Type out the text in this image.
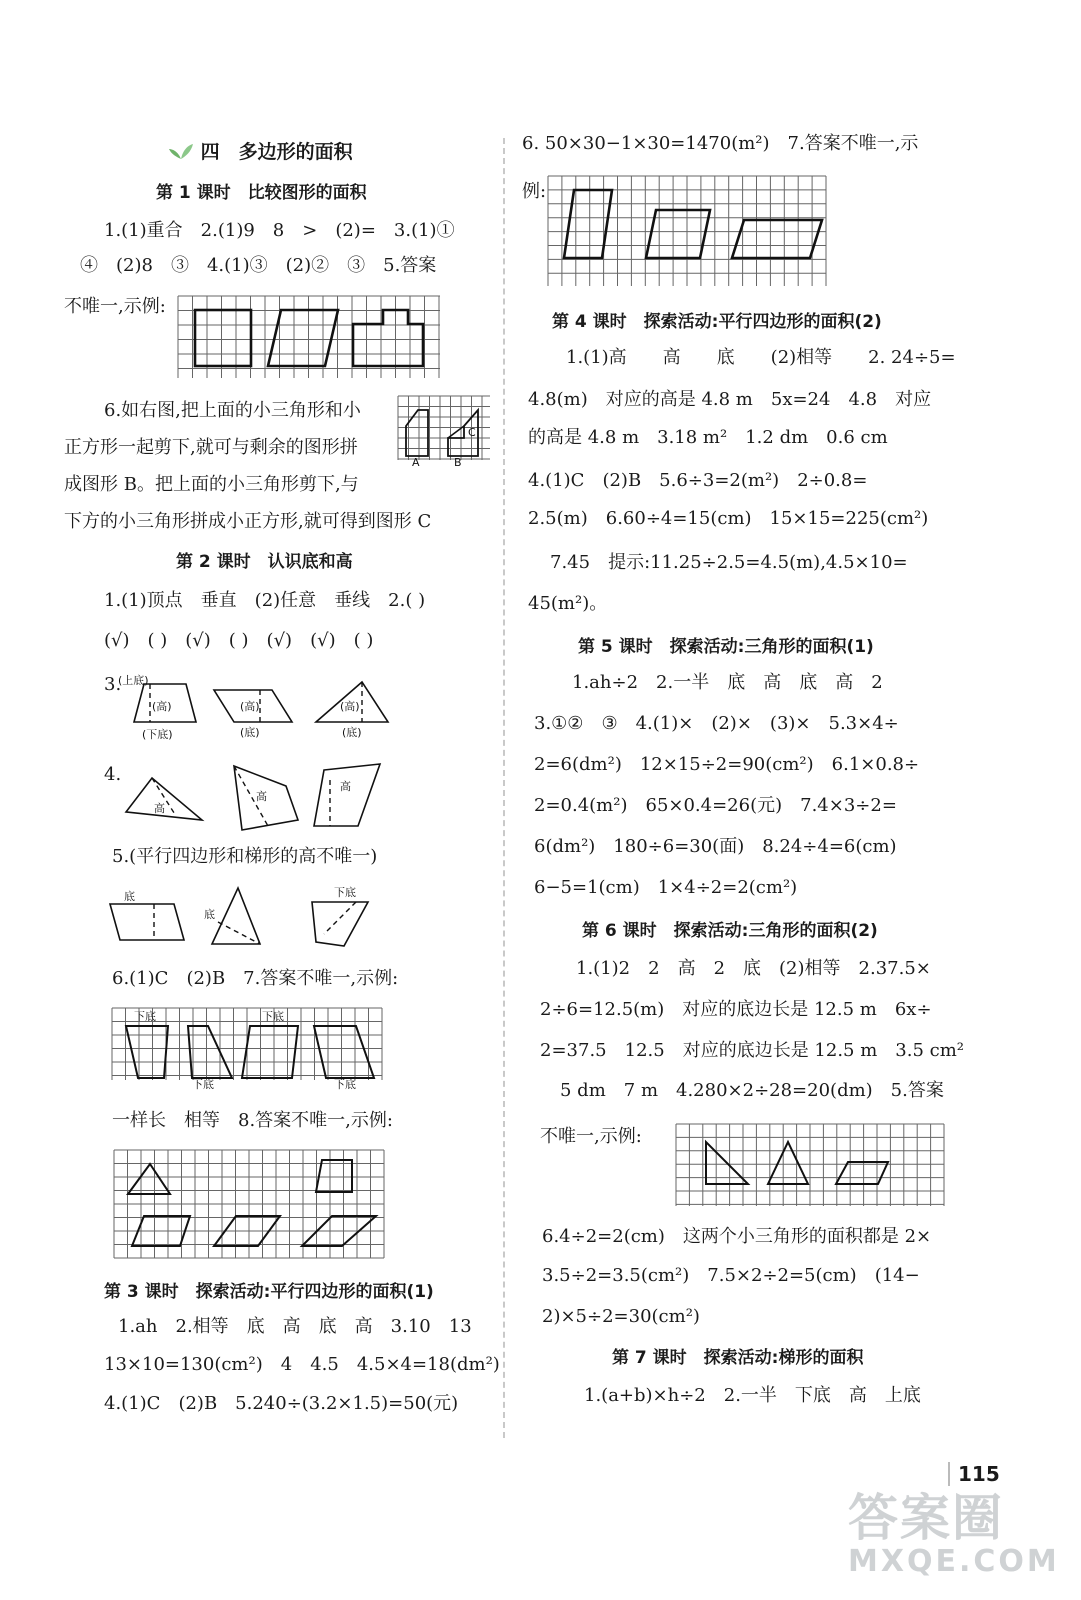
四　多边形的面积
第 1 课时　比较图形的面积
1.(1)重合　2.(1)9　8　>　(2)=　3.(1)①
④　(2)8　③　4.(1)③　(2)②　③　5.答案
不唯一,示例:
6.如右图,把上面的小三角形和小
正方形一起剪下,就可与剩余的图形拼
成图形 B。把上面的小三角形剪下,与
下方的小三角形拼成小正方形,就可得到图形 C
A	B
C
第 2 课时　认识底和高
1.(1)顶点　垂直　(2)任意　垂线　2.( )
(√)　( )　(√)　( )　(√)　(√)　( )
3.
(上底)
(高)
(下底)
(高)
(底)
(高)
(底)
4.
高
高
高
5.(平行四边形和梯形的高不唯一)
底
底
下底
6.(1)C　(2)B　7.答案不唯一,示例:
下底	下底
下底	下底
一样长　相等　8.答案不唯一,示例:
第 3 课时　探索活动:平行四边形的面积(1)
1.ah　2.相等　底　高　底　高　3.10　13
13×10=130(cm²)　4　4.5　4.5×4=18(dm²)
4.(1)C　(2)B　5.240÷(3.2×1.5)=50(元)
6. 50×30−1×30=1470(m²)　7.答案不唯一,示
例:
第 4 课时　探索活动:平行四边形的面积(2)
1.(1)高　　高　　底　　(2)相等　　2. 24÷5=
4.8(m)　对应的高是 4.8 m　5x=24　4.8　对应
的高是 4.8 m　3.18 m²　1.2 dm　0.6 cm
4.(1)C　(2)B　5.6÷3=2(m²)　2÷0.8=
2.5(m)　6.60÷4=15(cm)　15×15=225(cm²)
7.45　提示:11.25÷2.5=4.5(m),4.5×10=
45(m²)。
第 5 课时　探索活动:三角形的面积(1)
1.ah÷2　2.一半　底　高　底　高　2
3.①②　③　4.(1)×　(2)×　(3)×　5.3×4÷
2=6(dm²)　12×15÷2=90(cm²)　6.1×0.8÷
2=0.4(m²)　65×0.4=26(元)　7.4×3÷2=
6(dm²)　180÷6=30(面)　8.24÷4=6(cm)
6−5=1(cm)　1×4÷2=2(cm²)
第 6 课时　探索活动:三角形的面积(2)
1.(1)2　2　高　2　底　(2)相等　2.37.5×
2÷6=12.5(m)　对应的底边长是 12.5 m　6x÷
2=37.5　12.5　对应的底边长是 12.5 m　3.5 cm²
5 dm　7 m　4.280×2÷28=20(dm)　5.答案
不唯一,示例:
6.4÷2=2(cm)　这两个小三角形的面积都是 2×
3.5÷2=3.5(cm²)　7.5×2÷2=5(cm)　(14−
2)×5÷2=30(cm²)
第 7 课时　探索活动:梯形的面积
1.(a+b)×h÷2　2.一半　下底　高　上底
115
答案圈
MXQE.COM
